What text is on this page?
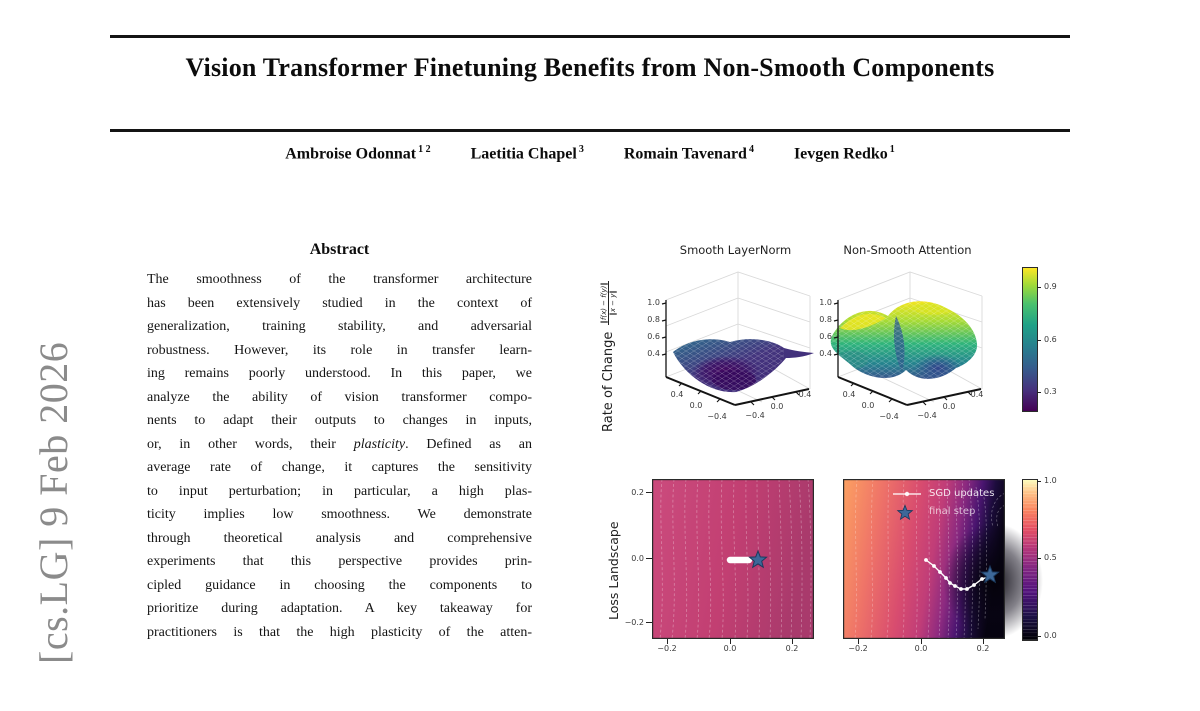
[cs.LG] 9 Feb 2026
Vision Transformer Finetuning Benefits from Non-Smooth Components
Ambroise Odonnat $^{1 2}$	Laetitia Chapel $^3$	Romain Tavenard $^4$	Ievgen Redko $^1$
Abstract
The smoothness of the transformer architecture
has been extensively studied in the context of
generalization, training stability, and adversarial
robustness. However, its role in transfer learn-
ing remains poorly understood. In this paper, we
analyze the ability of vision transformer compo-
nents to adapt their outputs to changes in inputs,
or, in other words, their plasticity. Defined as an
average rate of change, it captures the sensitivity
to input perturbation; in particular, a high plas-
ticity implies low smoothness. We demonstrate
through theoretical analysis and comprehensive
experiments that this perspective provides prin-
cipled guidance in choosing the components to
prioritize during adaptation. A key takeaway for
practitioners is that the high plasticity of the atten-
Rate of Change
‖f(x) − f(y)‖
‖x − y‖
Smooth LayerNorm	Non-Smooth Attention
1.0
0.8
0.6
0.4
0.4
0.0
−0.4 −0.4
0.0
0.4
1.0
0.8
0.6
0.4
0.4
0.0
−0.4 −0.4
0.0
0.4
0.9
0.6
0.3
Loss Landscape
SGD updates
final step
0.2
0.0
−0.2
−0.2	0.0	0.2	−0.2	0.0	0.2
1.0
0.5
0.0
